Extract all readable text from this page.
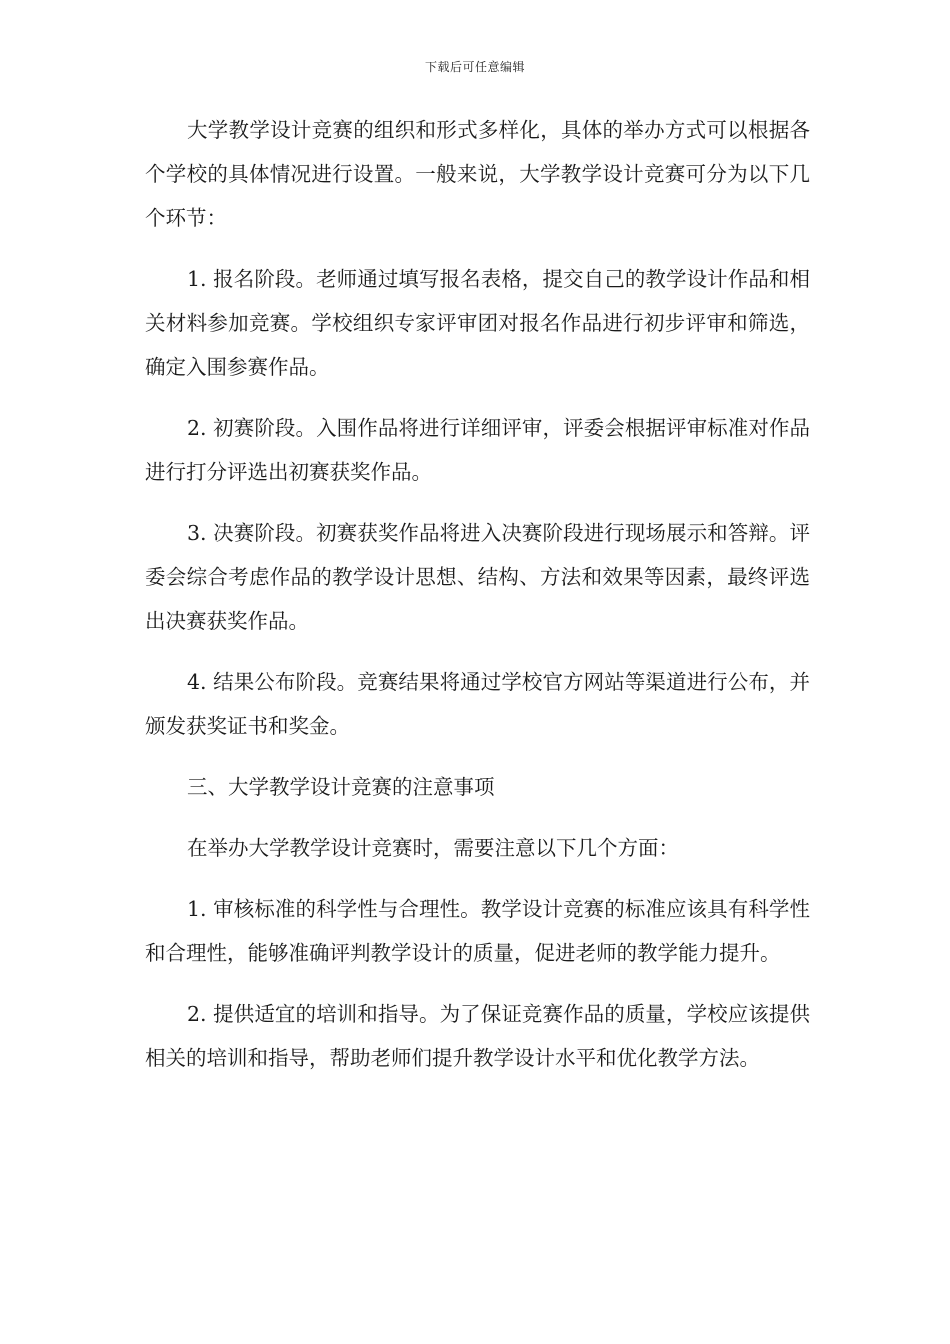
下载后可任意编辑

大学教学设计竞赛的组织和形式多样化，具体的举办方式可以根据各个学校的具体情况进行设置。一般来说，大学教学设计竞赛可分为以下几个环节：

1. 报名阶段。老师通过填写报名表格，提交自己的教学设计作品和相关材料参加竞赛。学校组织专家评审团对报名作品进行初步评审和筛选，确定入围参赛作品。

2. 初赛阶段。入围作品将进行详细评审，评委会根据评审标准对作品进行打分评选出初赛获奖作品。

3. 决赛阶段。初赛获奖作品将进入决赛阶段进行现场展示和答辩。评委会综合考虑作品的教学设计思想、结构、方法和效果等因素，最终评选出决赛获奖作品。

4. 结果公布阶段。竞赛结果将通过学校官方网站等渠道进行公布，并颁发获奖证书和奖金。

三、大学教学设计竞赛的注意事项

在举办大学教学设计竞赛时，需要注意以下几个方面：

1. 审核标准的科学性与合理性。教学设计竞赛的标准应该具有科学性和合理性，能够准确评判教学设计的质量，促进老师的教学能力提升。

2. 提供适宜的培训和指导。为了保证竞赛作品的质量，学校应该提供相关的培训和指导，帮助老师们提升教学设计水平和优化教学方法。
